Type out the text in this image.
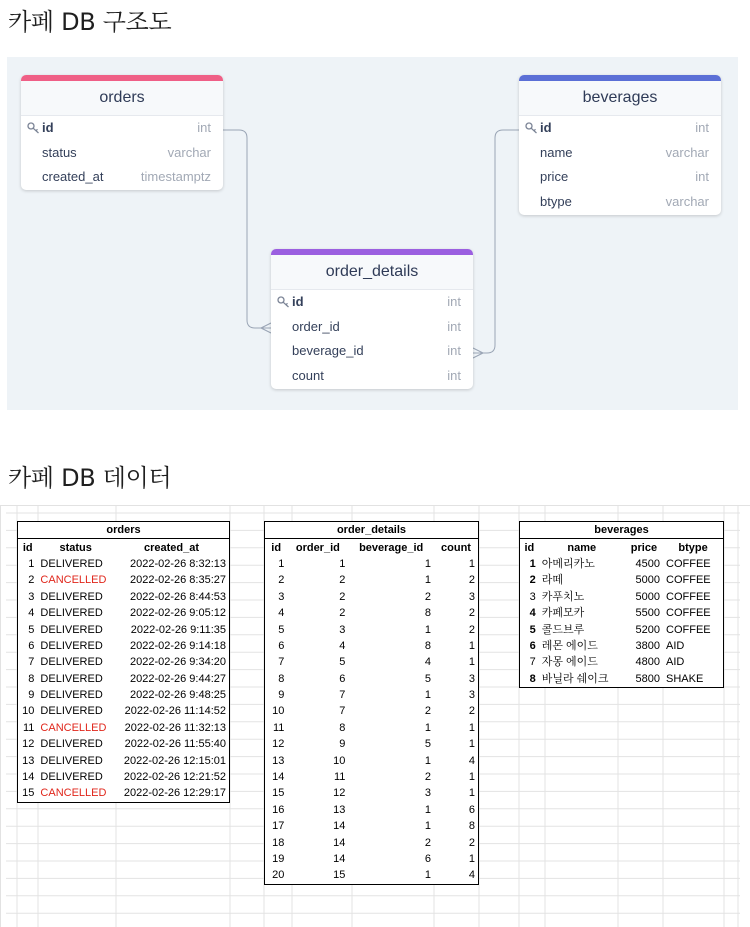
카페 DB 구조도
orders
id	int
status	varchar
created_at	timestamptz
beverages
id	int
name	varchar
price	int
btype	varchar
order_details
id	int
order_id	int
beverage_id	int
count	int
카페 DB 데이터
orders		
id	status	created_at
1	DELIVERED	2022-02-26 8:32:13
2	CANCELLED	2022-02-26 8:35:27
3	DELIVERED	2022-02-26 8:44:53
4	DELIVERED	2022-02-26 9:05:12
5	DELIVERED	2022-02-26 9:11:35
6	DELIVERED	2022-02-26 9:14:18
7	DELIVERED	2022-02-26 9:34:20
8	DELIVERED	2022-02-26 9:44:27
9	DELIVERED	2022-02-26 9:48:25
10	DELIVERED	2022-02-26 11:14:52
11	CANCELLED	2022-02-26 11:32:13
12	DELIVERED	2022-02-26 11:55:40
13	DELIVERED	2022-02-26 12:15:01
14	DELIVERED	2022-02-26 12:21:52
15	CANCELLED	2022-02-26 12:29:17
order_details			
id	order_id	beverage_id	count
1	1	1	1
2	2	1	2
3	2	2	3
4	2	8	2
5	3	1	2
6	4	8	1
7	5	4	1
8	6	5	3
9	7	1	3
10	7	2	2
11	8	1	1
12	9	5	1
13	10	1	4
14	11	2	1
15	12	3	1
16	13	1	6
17	14	1	8
18	14	2	2
19	14	6	1
20	15	1	4
beverages			
id	name	price	btype
1	아메리카노	4500	COFFEE
2	라떼	5000	COFFEE
3	카푸치노	5000	COFFEE
4	카페모카	5500	COFFEE
5	콜드브루	5200	COFFEE
6	레몬 에이드	3800	AID
7	자몽 에이드	4800	AID
8	바닐라 쉐이크	5800	SHAKE
